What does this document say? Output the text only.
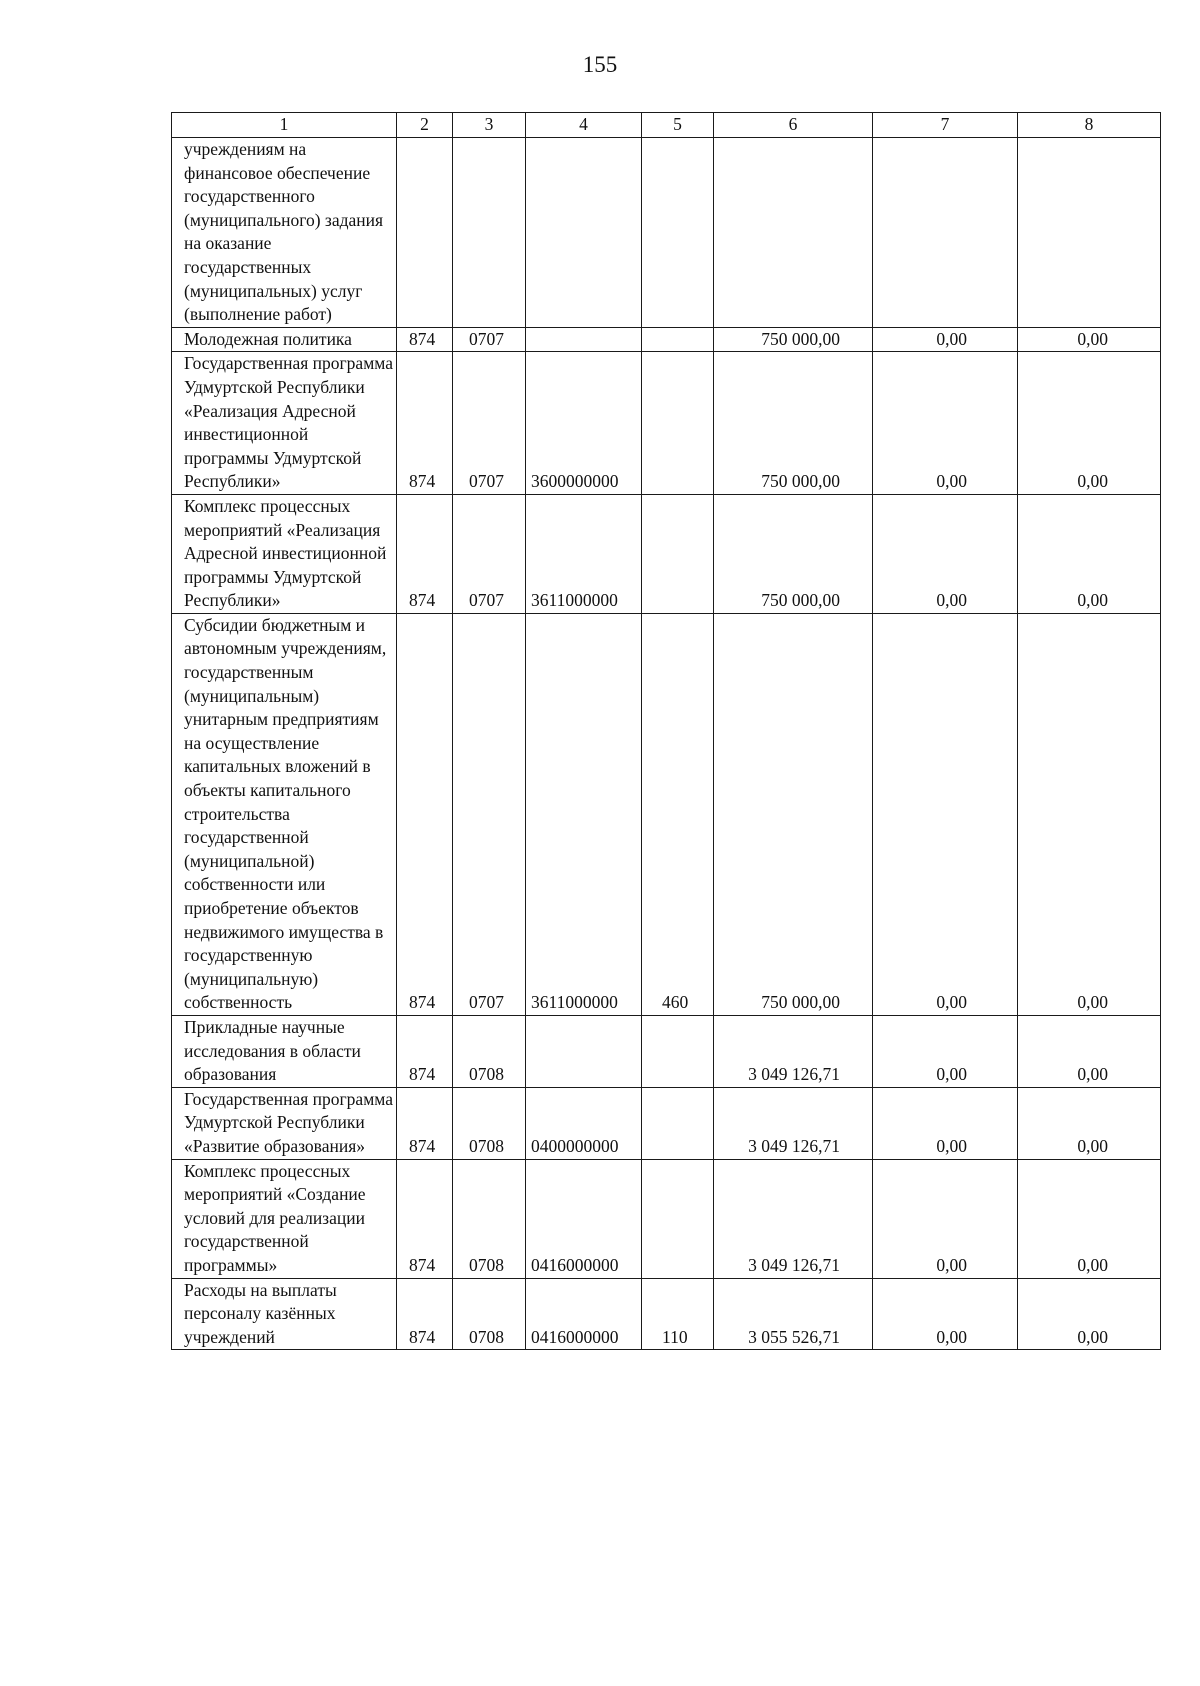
155
1	2	3	4	5	6	7	8
учреждениям на финансовое обеспечение государственного (муниципального) задания на оказание государственных (муниципальных) услуг (выполнение работ)							
Молодежная политика	874	0707			750 000,00	0,00	0,00
Государственная программа Удмуртской Республики «Реализация Адресной инвестиционной программы Удмуртской Республики»	874	0707	3600000000		750 000,00	0,00	0,00
Комплекс процессных мероприятий «Реализация Адресной инвестиционной программы Удмуртской Республики»	874	0707	3611000000		750 000,00	0,00	0,00
Субсидии бюджетным и автономным учреждениям, государственным (муниципальным) унитарным предприятиям на осуществление капитальных вложений в объекты капитального строительства государственной (муниципальной) собственности или приобретение объектов недвижимого имущества в государственную (муниципальную) собственность	874	0707	3611000000	460	750 000,00	0,00	0,00
Прикладные научные исследования в области образования	874	0708			3 049 126,71	0,00	0,00
Государственная программа Удмуртской Республики «Развитие образования»	874	0708	0400000000		3 049 126,71	0,00	0,00
Комплекс процессных мероприятий «Создание условий для реализации государственной программы»	874	0708	0416000000		3 049 126,71	0,00	0,00
Расходы на выплаты персоналу казённых учреждений	874	0708	0416000000	110	3 055 526,71	0,00	0,00
